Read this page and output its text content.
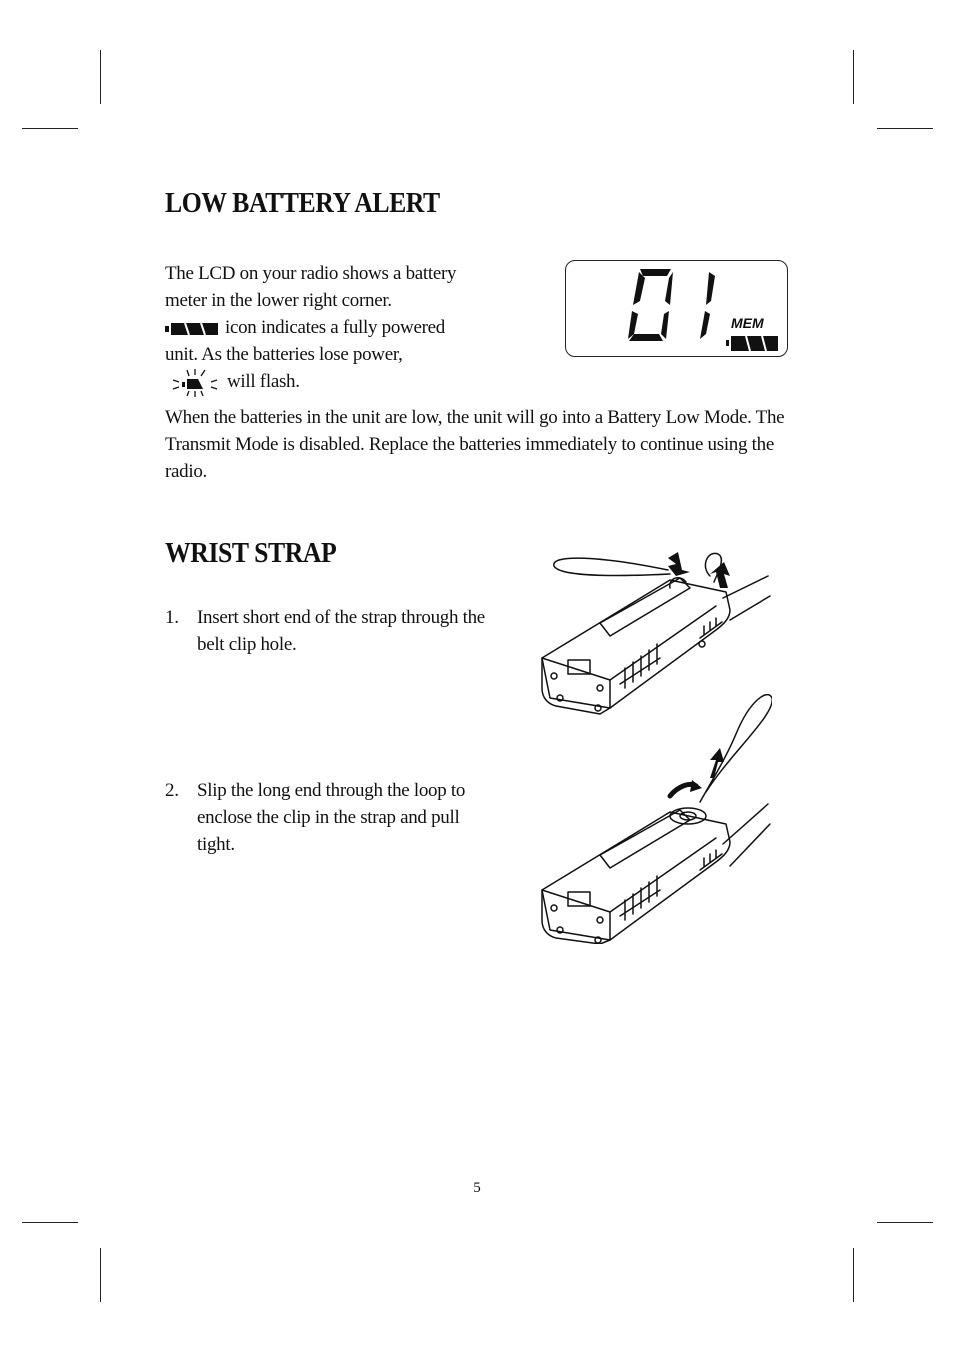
LOW BATTERY ALERT
The LCD on your radio shows a battery
meter in the lower right corner.
icon indicates a fully powered
unit. As the batteries lose power,
will flash.
When the batteries in the unit are low, the unit will go into a Battery Low Mode. The Transmit Mode is disabled. Replace the batteries immediately to continue using the radio.
MEM
WRIST STRAP
1. Insert short end of the strap through the belt clip hole.
2. Slip the long end through the loop to enclose the clip in the strap and pull tight.
5
